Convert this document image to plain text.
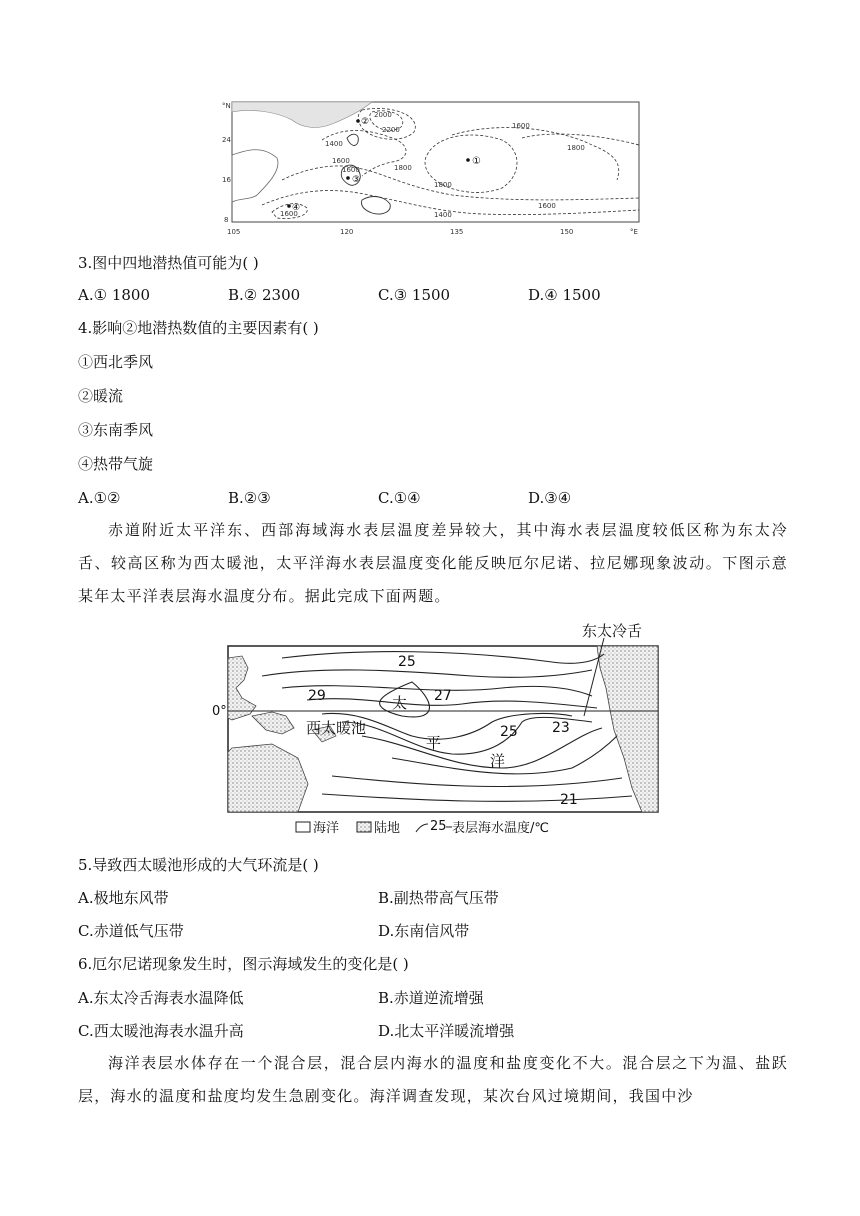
②
①
③
④
2000
2200
1400
1600
1600
1800
1800
1800
1600
1400
1600
1600
°N
24
16
8
105	120	135	150	°E
3.图中四地潜热值可能为( )
A.① 1800	B.② 2300	C.③ 1500	D.④ 1500
4.影响②地潜热数值的主要因素有( )
①西北季风
②暖流
③东南季风
④热带气旋
A.①②	B.②③	C.①④	D.③④

赤道附近太平洋东、西部海域海水表层温度差异较大，其中海水表层温度较低区称为东太冷舌、较高区称为西太暖池，太平洋海水表层温度变化能反映厄尔尼诺、拉尼娜现象波动。下图示意某年太平洋表层海水温度分布。据此完成下面两题。

东太冷舌
0°
西太暖池
太
平
洋
25
29	27
25 23
21
海洋	陆地 25 表层海水温度/℃
5.导致西太暖池形成的大气环流是( )
A.极地东风带	B.副热带高气压带
C.赤道低气压带	D.东南信风带
6.厄尔尼诺现象发生时，图示海域发生的变化是( )
A.东太冷舌海表水温降低	B.赤道逆流增强
C.西太暖池海表水温升高	D.北太平洋暖流增强

海洋表层水体存在一个混合层，混合层内海水的温度和盐度变化不大。混合层之下为温、盐跃层，海水的温度和盐度均发生急剧变化。海洋调查发现，某次台风过境期间，我国中沙
